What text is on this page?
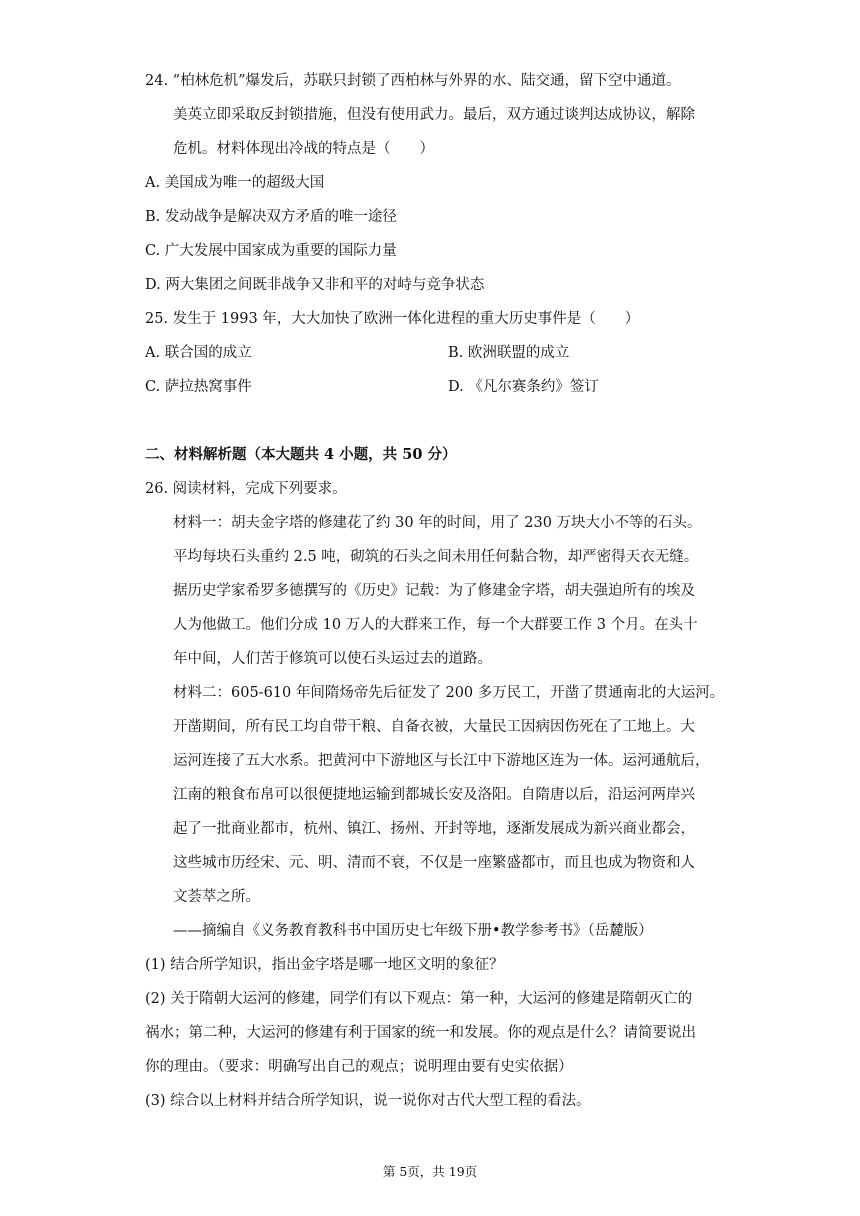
24. “柏林危机”爆发后，苏联只封锁了西柏林与外界的水、陆交通，留下空中通道。
美英立即采取反封锁措施，但没有使用武力。最后，双方通过谈判达成协议，解除
危机。材料体现出冷战的特点是（　　）
A. 美国成为唯一的超级大国
B. 发动战争是解决双方矛盾的唯一途径
C. 广大发展中国家成为重要的国际力量
D. 两大集团之间既非战争又非和平的对峙与竞争状态
25. 发生于 1993 年，大大加快了欧洲一体化进程的重大历史事件是（　　）
A. 联合国的成立	B. 欧洲联盟的成立
C. 萨拉热窝事件	D. 《凡尔赛条约》签订
二、材料解析题（本大题共 4 小题，共 50 分）
26. 阅读材料，完成下列要求。
材料一：胡夫金字塔的修建花了约 30 年的时间，用了 230 万块大小不等的石头。
平均每块石头重约 2.5 吨，砌筑的石头之间未用任何黏合物，却严密得天衣无缝。
据历史学家希罗多德撰写的《历史》记载：为了修建金字塔，胡夫强迫所有的埃及
人为他做工。他们分成 10 万人的大群来工作，每一个大群要工作 3 个月。在头十
年中间，人们苦于修筑可以使石头运过去的道路。
材料二：605-610 年间隋炀帝先后征发了 200 多万民工，开凿了贯通南北的大运河。
开凿期间，所有民工均自带干粮、自备衣被，大量民工因病因伤死在了工地上。大
运河连接了五大水系。把黄河中下游地区与长江中下游地区连为一体。运河通航后，
江南的粮食布帛可以很便捷地运输到都城长安及洛阳。自隋唐以后，沿运河两岸兴
起了一批商业都市，杭州、镇江、扬州、开封等地，逐渐发展成为新兴商业都会，
这些城市历经宋、元、明、清而不衰，不仅是一座繁盛都市，而且也成为物资和人
文荟萃之所。
——摘编自《义务教育教科书中国历史七年级下册•教学参考书》（岳麓版）
(1) 结合所学知识，指出金字塔是哪一地区文明的象征？
(2) 关于隋朝大运河的修建，同学们有以下观点：第一种，大运河的修建是隋朝灭亡的
祸水；第二种，大运河的修建有利于国家的统一和发展。你的观点是什么？请简要说出
你的理由。（要求：明确写出自己的观点；说明理由要有史实依据）
(3) 综合以上材料并结合所学知识，说一说你对古代大型工程的看法。
第 5页，共 19页
